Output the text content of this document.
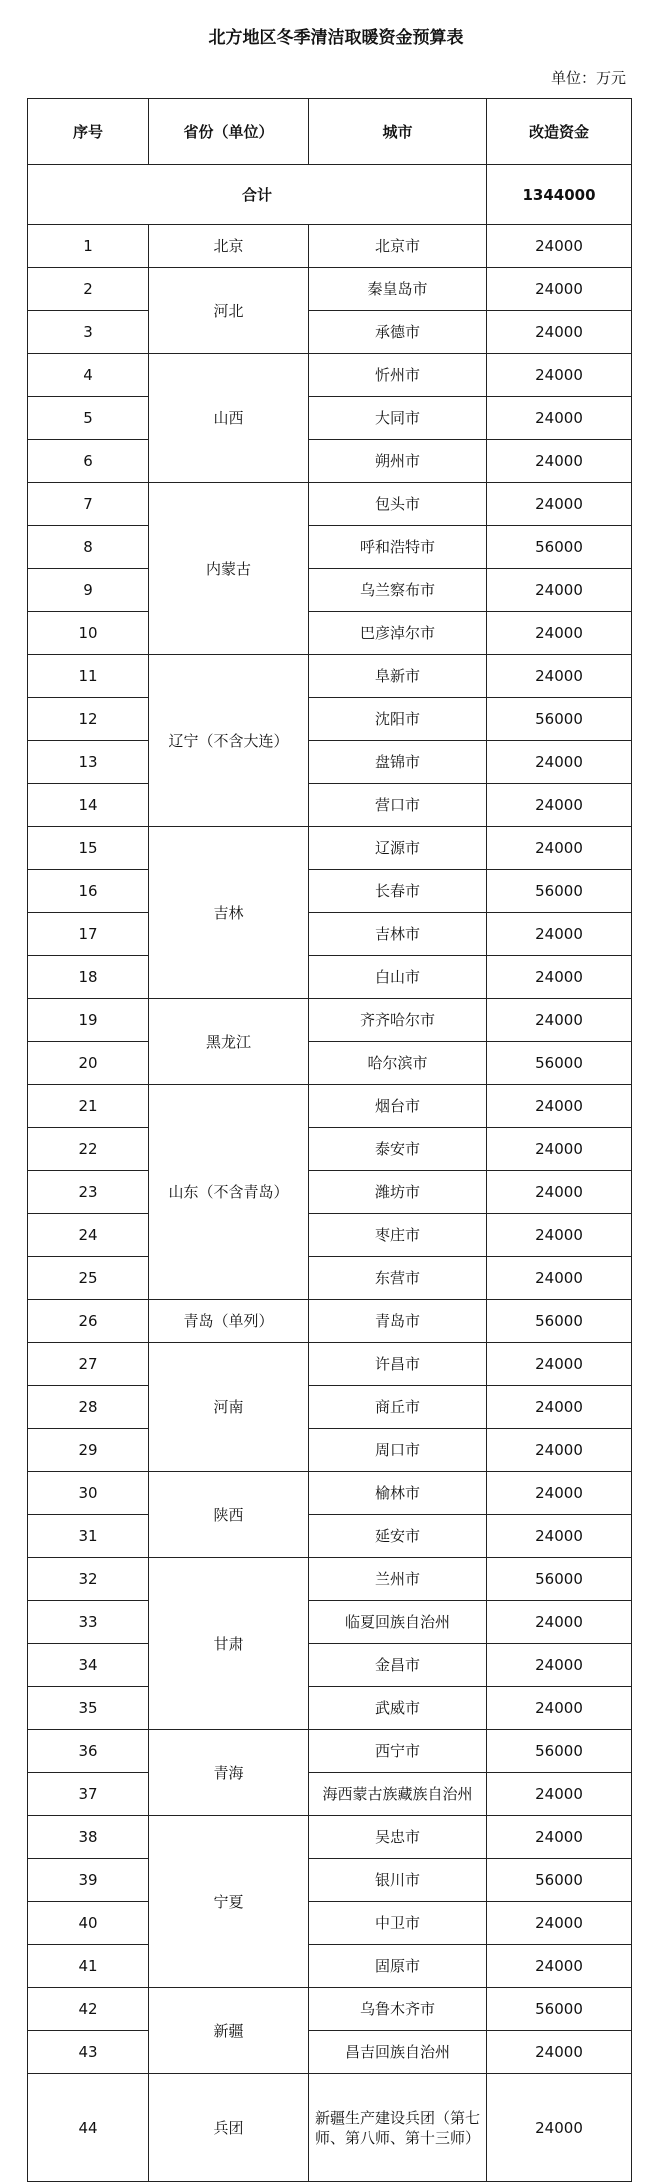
北方地区冬季清洁取暖资金预算表
单位：万元
序号	省份（单位）	城市	改造资金
合计			1344000
1	北京	北京市	24000
2	河北	秦皇岛市	24000
3		承德市	24000
4	山西	忻州市	24000
5		大同市	24000
6		朔州市	24000
7	内蒙古	包头市	24000
8		呼和浩特市	56000
9		乌兰察布市	24000
10		巴彦淖尔市	24000
11	辽宁（不含大连）	阜新市	24000
12		沈阳市	56000
13		盘锦市	24000
14		营口市	24000
15	吉林	辽源市	24000
16		长春市	56000
17		吉林市	24000
18		白山市	24000
19	黑龙江	齐齐哈尔市	24000
20		哈尔滨市	56000
21	山东（不含青岛）	烟台市	24000
22		泰安市	24000
23		潍坊市	24000
24		枣庄市	24000
25		东营市	24000
26	青岛（单列）	青岛市	56000
27	河南	许昌市	24000
28		商丘市	24000
29		周口市	24000
30	陕西	榆林市	24000
31		延安市	24000
32	甘肃	兰州市	56000
33		临夏回族自治州	24000
34		金昌市	24000
35		武威市	24000
36	青海	西宁市	56000
37		海西蒙古族藏族自治州	24000
38	宁夏	吴忠市	24000
39		银川市	56000
40		中卫市	24000
41		固原市	24000
42	新疆	乌鲁木齐市	56000
43		昌吉回族自治州	24000
44	兵团	新疆生产建设兵团（第七师、第八师、第十三师）	24000
